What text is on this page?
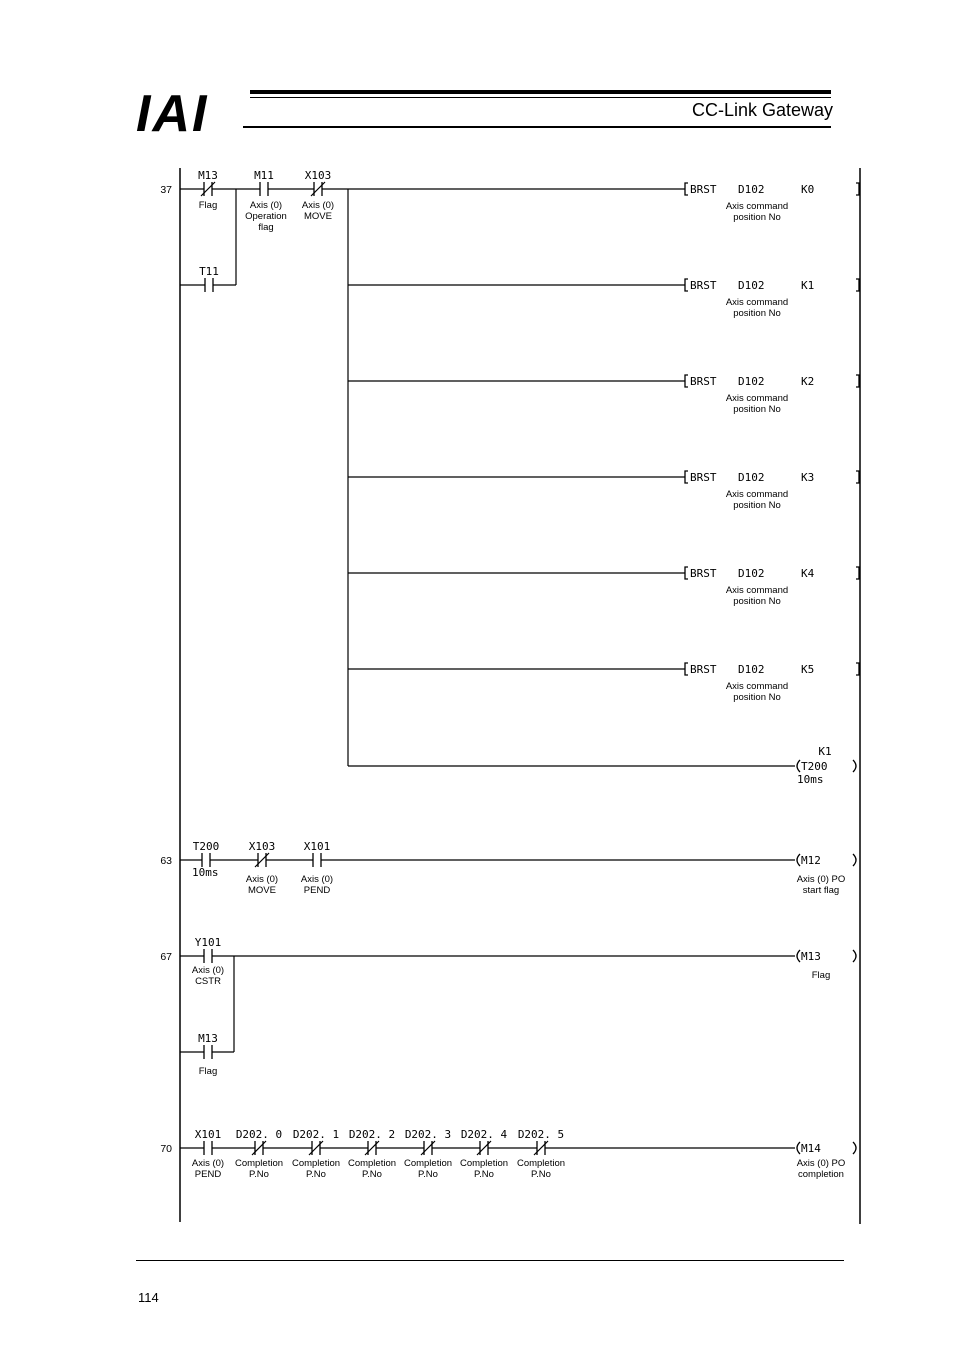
IAI	CC-Link Gateway
37
M13
Flag
M11
Axis (0)
Operation
flag
X103
Axis (0)
MOVE
T11
BRST D102	K0
Axis command
position No
BRST D102	K1
Axis command
position No
BRST D102	K2
Axis command
position No
BRST D102	K3
Axis command
position No
BRST D102	K4
Axis command
position No
BRST D102	K5
Axis command
position No
K1
T200
10ms
63
T200
10ms
X103
Axis (0)
MOVE
X101
Axis (0)
PEND
M12
Axis (0) PO
start flag
67
Y101
Axis (0)
CSTR
M13
Flag
M13
Flag
70
X101
Axis (0)
PEND
D202. 0
Completion
P.No
D202. 1
Completion
P.No
D202. 2
Completion
P.No
D202. 3
Completion
P.No
D202. 4
Completion
P.No
D202. 5
Completion
P.No
M14
Axis (0) PO
completion
114
